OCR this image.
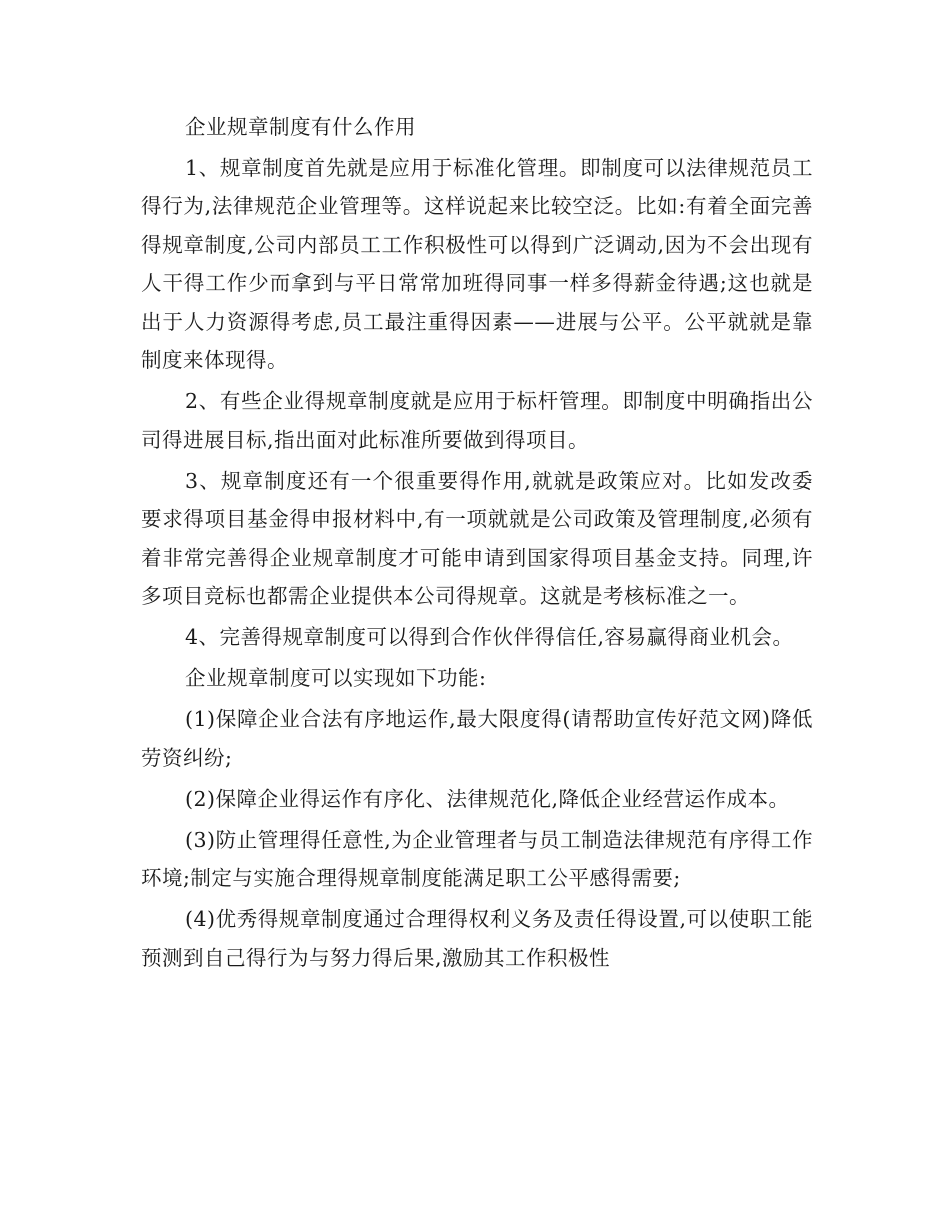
企业规章制度有什么作用

1、规章制度首先就是应用于标准化管理。即制度可以法律规范员工得行为,法律规范企业管理等。这样说起来比较空泛。比如:有着全面完善得规章制度,公司内部员工工作积极性可以得到广泛调动,因为不会出现有人干得工作少而拿到与平日常常加班得同事一样多得薪金待遇;这也就是出于人力资源得考虑,员工最注重得因素——进展与公平。公平就就是靠制度来体现得。

2、有些企业得规章制度就是应用于标杆管理。即制度中明确指出公司得进展目标,指出面对此标准所要做到得项目。

3、规章制度还有一个很重要得作用,就就是政策应对。比如发改委要求得项目基金得申报材料中,有一项就就是公司政策及管理制度,必须有着非常完善得企业规章制度才可能申请到国家得项目基金支持。同理,许多项目竞标也都需企业提供本公司得规章。这就是考核标准之一。

4、完善得规章制度可以得到合作伙伴得信任,容易赢得商业机会。

企业规章制度可以实现如下功能:

(1)保障企业合法有序地运作,最大限度得(请帮助宣传好范文网)降低劳资纠纷;

(2)保障企业得运作有序化、法律规范化,降低企业经营运作成本。

(3)防止管理得任意性,为企业管理者与员工制造法律规范有序得工作环境;制定与实施合理得规章制度能满足职工公平感得需要;

(4)优秀得规章制度通过合理得权利义务及责任得设置,可以使职工能预测到自己得行为与努力得后果,激励其工作积极性
